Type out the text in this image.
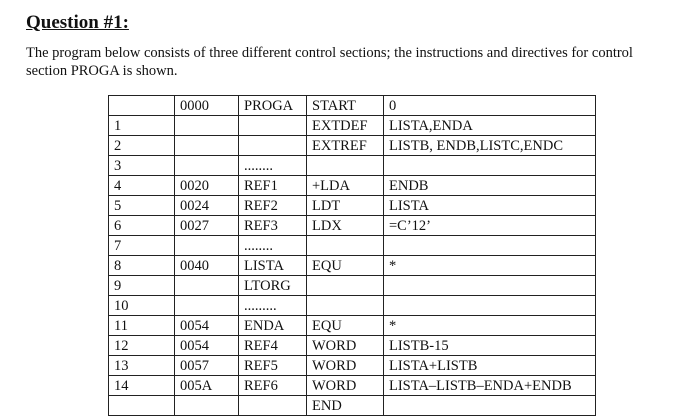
Question #1:
The program below consists of three different control sections; the instructions and directives for control section PROGA is shown.
	0000	PROGA	START	0
1			EXTDEF	LISTA,ENDA
2			EXTREF	LISTB, ENDB,LISTC,ENDC
3		........		
4	0020	REF1	+LDA	ENDB
5	0024	REF2	LDT	LISTA
6	0027	REF3	LDX	=C’12’
7		........		
8	0040	LISTA	EQU	*
9		LTORG		
10		.........		
11	0054	ENDA	EQU	*
12	0054	REF4	WORD	LISTB-15
13	0057	REF5	WORD	LISTA+LISTB
14	005A	REF6	WORD	LISTA–LISTB–ENDA+ENDB
			END	
